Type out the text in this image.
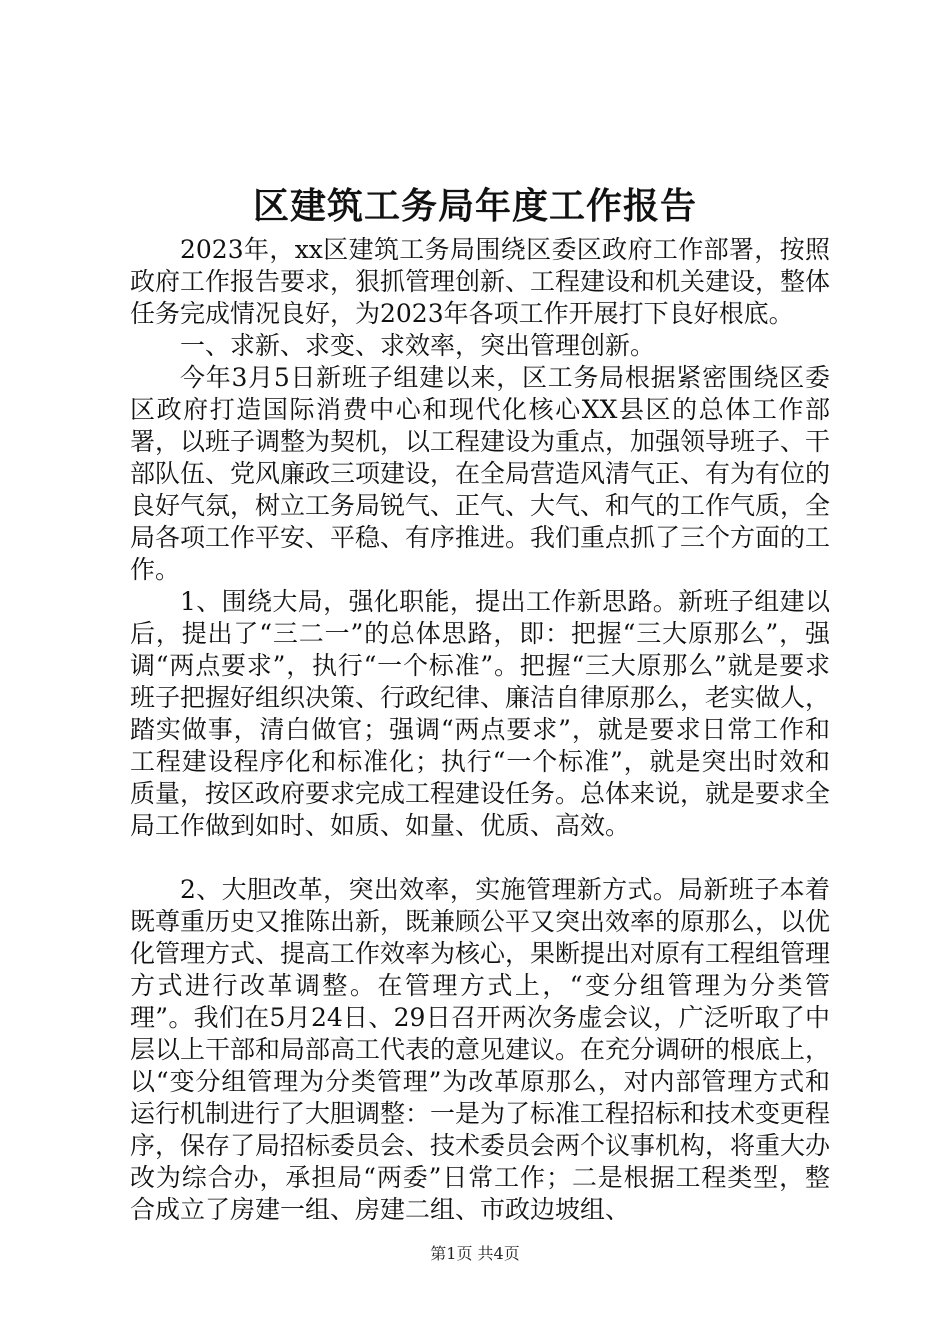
区建筑工务局年度工作报告

2023年，xx区建筑工务局围绕区委区政府工作部署，按照政府工作报告要求，狠抓管理创新、工程建设和机关建设，整体任务完成情况良好，为2023年各项工作开展打下良好根底。

一、求新、求变、求效率，突出管理创新。

今年3月5日新班子组建以来，区工务局根据紧密围绕区委区政府打造国际消费中心和现代化核心XX县区的总体工作部署，以班子调整为契机，以工程建设为重点，加强领导班子、干部队伍、党风廉政三项建设，在全局营造风清气正、有为有位的良好气氛，树立工务局锐气、正气、大气、和气的工作气质，全局各项工作平安、平稳、有序推进。我们重点抓了三个方面的工作。

1、围绕大局，强化职能，提出工作新思路。新班子组建以后，提出了“三二一”的总体思路，即：把握“三大原那么”，强调“两点要求”，执行“一个标准”。把握“三大原那么”就是要求班子把握好组织决策、行政纪律、廉洁自律原那么，老实做人，踏实做事，清白做官；强调“两点要求”，就是要求日常工作和工程建设程序化和标准化；执行“一个标准”，就是突出时效和质量，按区政府要求完成工程建设任务。总体来说，就是要求全局工作做到如时、如质、如量、优质、高效。

2、大胆改革，突出效率，实施管理新方式。局新班子本着既尊重历史又推陈出新，既兼顾公平又突出效率的原那么，以优化管理方式、提高工作效率为核心，果断提出对原有工程组管理方式进行改革调整。在管理方式上，“变分组管理为分类管理”。我们在5月24日、29日召开两次务虚会议，广泛听取了中层以上干部和局部高工代表的意见建议。在充分调研的根底上，以“变分组管理为分类管理”为改革原那么，对内部管理方式和运行机制进行了大胆调整：一是为了标准工程招标和技术变更程序，保存了局招标委员会、技术委员会两个议事机构，将重大办改为综合办，承担局“两委”日常工作；二是根据工程类型，整合成立了房建一组、房建二组、市政边坡组、

第1页 共4页
